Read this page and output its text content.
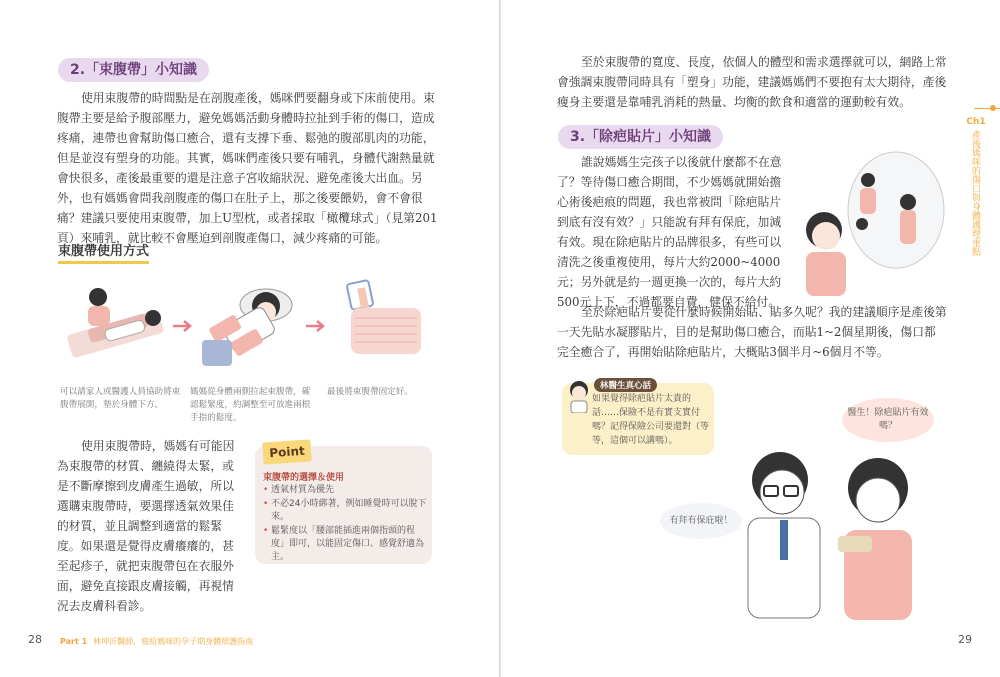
2.「束腹帶」小知識
使用束腹帶的時間點是在剖腹產後，媽咪們要翻身或下床前使用。束腹帶主要是給予腹部壓力，避免媽媽活動身體時拉扯到手術的傷口，造成疼痛，連帶也會幫助傷口癒合，還有支撐下垂、鬆弛的腹部肌肉的功能，但是並沒有塑身的功能。其實，媽咪們產後只要有哺乳，身體代謝熱量就會快很多，產後最重要的還是注意子宮收縮狀況、避免產後大出血。另外，也有媽媽會問我剖腹產的傷口在肚子上，那之後要餵奶，會不會很痛？建議只要使用束腹帶，加上U型枕，或者採取「橄欖球式」（見第201頁）來哺乳，就比較不會壓迫到剖腹產傷口，減少疼痛的可能。
束腹帶使用方式
可以請家人或醫護人員協助將束腹帶展開，墊於身體下方。
媽媽從身體兩側拉起束腹帶，確認鬆緊度，約調整至可放進兩根手指的鬆度。
最後將束腹帶固定好。
使用束腹帶時，媽媽有可能因為束腹帶的材質、纏繞得太緊，或是不斷摩擦到皮膚產生過敏，所以選購束腹帶時，要選擇透氣效果佳的材質，並且調整到適當的鬆緊度。如果還是覺得皮膚癢癢的，甚至起疹子，就把束腹帶包在衣服外面，避免直接跟皮膚接觸，再視情況去皮膚科看診。
Point
束腹帶的選擇＆使用
• 透氣材質為優先
• 不必24小時綁著，例如睡覺時可以脫下來。
• 鬆緊度以「腰部能插進兩個指頭的程度」即可，以能固定傷口、感覺舒適為主。
28 Part 1 林坤沂醫師，寫給媽咪的孕子期身體照護指南
至於束腹帶的寬度、長度，依個人的體型和需求選擇就可以，網路上常會強調束腹帶同時具有「塑身」功能，建議媽媽們不要抱有太大期待，產後瘦身主要還是靠哺乳消耗的熱量、均衡的飲食和適當的運動較有效。
3.「除疤貼片」小知識
誰說媽媽生完孩子以後就什麼都不在意了？等待傷口癒合期間，不少媽媽就開始擔心術後疤痕的問題，我也常被問「除疤貼片到底有沒有效？」只能說有拜有保庇，加減有效。現在除疤貼片的品牌很多，有些可以清洗之後重複使用，每片大約2000~4000元；另外就是約一週更換一次的，每片大約500元上下，不過都要自費，健保不給付。
至於除疤貼片要從什麼時候開始貼、貼多久呢？我的建議順序是產後第一天先貼水凝膠貼片，目的是幫助傷口癒合，而貼1~2個星期後，傷口都完全癒合了，再開始貼除疤貼片，大概貼3個半月~6個月不等。
林醫生真心話
如果覺得除疤貼片太貴的話……保險不是有實支實付嗎？記得保險公司要還對（等等，這個可以講嗎）。
醫生！除疤貼片有效嗎？
有拜有保庇啦！
Ch1
產後媽咪的傷口與身體護理重點
29
